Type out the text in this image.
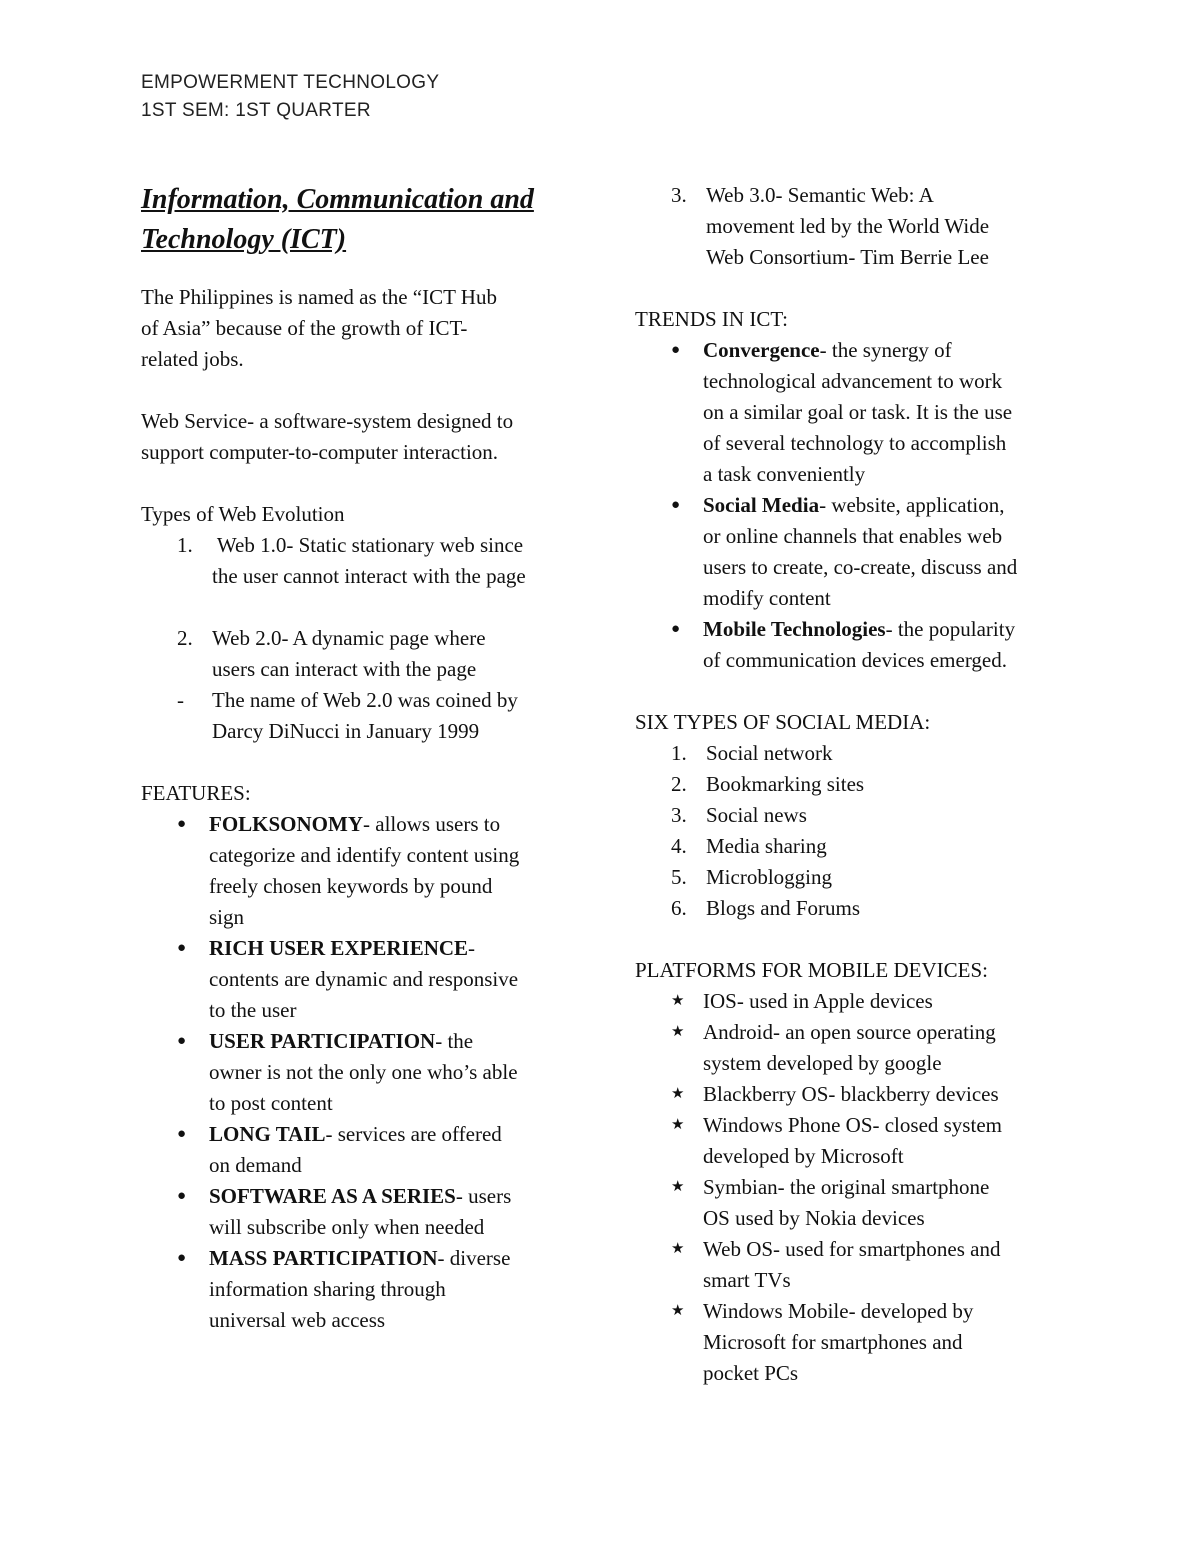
EMPOWERMENT TECHNOLOGY
1ST SEM: 1ST QUARTER
Information, Communication and
Technology (ICT)
The Philippines is named as the “ICT Hub
of Asia” because of the growth of ICT-
related jobs.
Web Service- a software-system designed to
support computer-to-computer interaction.
Types of Web Evolution
1. Web 1.0- Static stationary web since
the user cannot interact with the page
2. Web 2.0- A dynamic page where
users can interact with the page
-	The name of Web 2.0 was coined by
Darcy DiNucci in January 1999
FEATURES:
●	FOLKSONOMY- allows users to
categorize and identify content using
freely chosen keywords by pound
sign
●	RICH USER EXPERIENCE-
contents are dynamic and responsive
to the user
●	USER PARTICIPATION- the
owner is not the only one who’s able
to post content
●	LONG TAIL- services are offered
on demand
●	SOFTWARE AS A SERIES- users
will subscribe only when needed
●	MASS PARTICIPATION- diverse
information sharing through
universal web access
3. Web 3.0- Semantic Web: A
movement led by the World Wide
Web Consortium- Tim Berrie Lee
TRENDS IN ICT:
●	Convergence- the synergy of
technological advancement to work
on a similar goal or task. It is the use
of several technology to accomplish
a task conveniently
●	Social Media- website, application,
or online channels that enables web
users to create, co-create, discuss and
modify content
●	Mobile Technologies- the popularity
of communication devices emerged.
SIX TYPES OF SOCIAL MEDIA:
1. Social network
2. Bookmarking sites
3. Social news
4. Media sharing
5. Microblogging
6. Blogs and Forums
PLATFORMS FOR MOBILE DEVICES:
★ IOS- used in Apple devices
★ Android- an open source operating
system developed by google
★ Blackberry OS- blackberry devices
★ Windows Phone OS- closed system
developed by Microsoft
★ Symbian- the original smartphone
OS used by Nokia devices
★ Web OS- used for smartphones and
smart TVs
★ Windows Mobile- developed by
Microsoft for smartphones and
pocket PCs
